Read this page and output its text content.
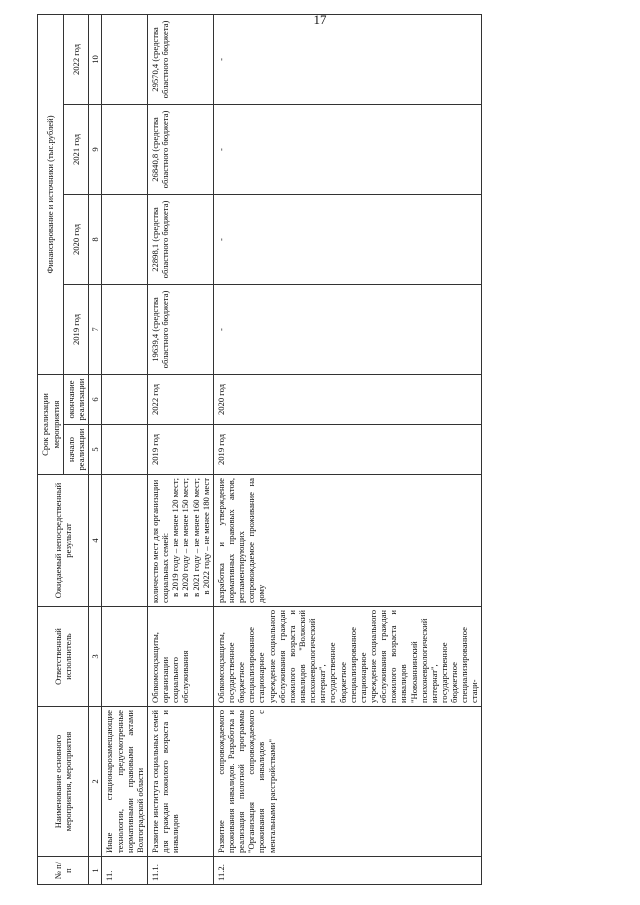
17
№ п/п	Наименование основного мероприятия, мероприятия	Ответственный исполнитель	Ожидаемый непосредственный результат	Срок реализации мероприятия		Финансирование и источники (тыс.рублей)			
				начало реализации	окончание реализации	2019 год	2020 год	2021 год	2022 год

1	2	3	4	5	6	7	8	9	10
11.	Иные стационарозамещающие технологии, предусмотренные нормативными правовыми актами Волгоградской области								
11.1.	Развитие института социальных семей для граждан пожилого возраста и инвалидов	Облкомсоцзащиты, организации социального обслуживания	количество мест для организации социальных семей: в 2019 году – не менее 120 мест; в 2020 году – не менее 150 мест; в 2021 году – не менее 160 мест; в 2022 году – не менее 180 мест	2019 год	2022 год	19639,4 (средства областного бюджета)	22898,1 (средства областного бюджета)	26840,8 (средства областного бюджета)	29570,4 (средства областного бюджета)
11.2.	Развитие сопровождаемого проживания инвалидов. Разработка и реализация пилотной программы "Организация сопровождаемого проживания инвалидов с ментальными расстройствами"	Облкомсоцзащиты, государственное бюджетное специализированное стационарное учреждение социального обслуживания граждан пожилого возраста и инвалидов "Волжский психоневрологический интернат", государственное бюджетное специализированное стационарное учреждение социального обслуживания граждан пожилого возраста и инвалидов "Новоаннинский психоневрологический интернат", государственное бюджетное специализированное стаци-	разработка и утверждение нормативных правовых актов, регламентирующих сопровождаемое проживание на дому	2019 год	2020 год	-	-	-	-
